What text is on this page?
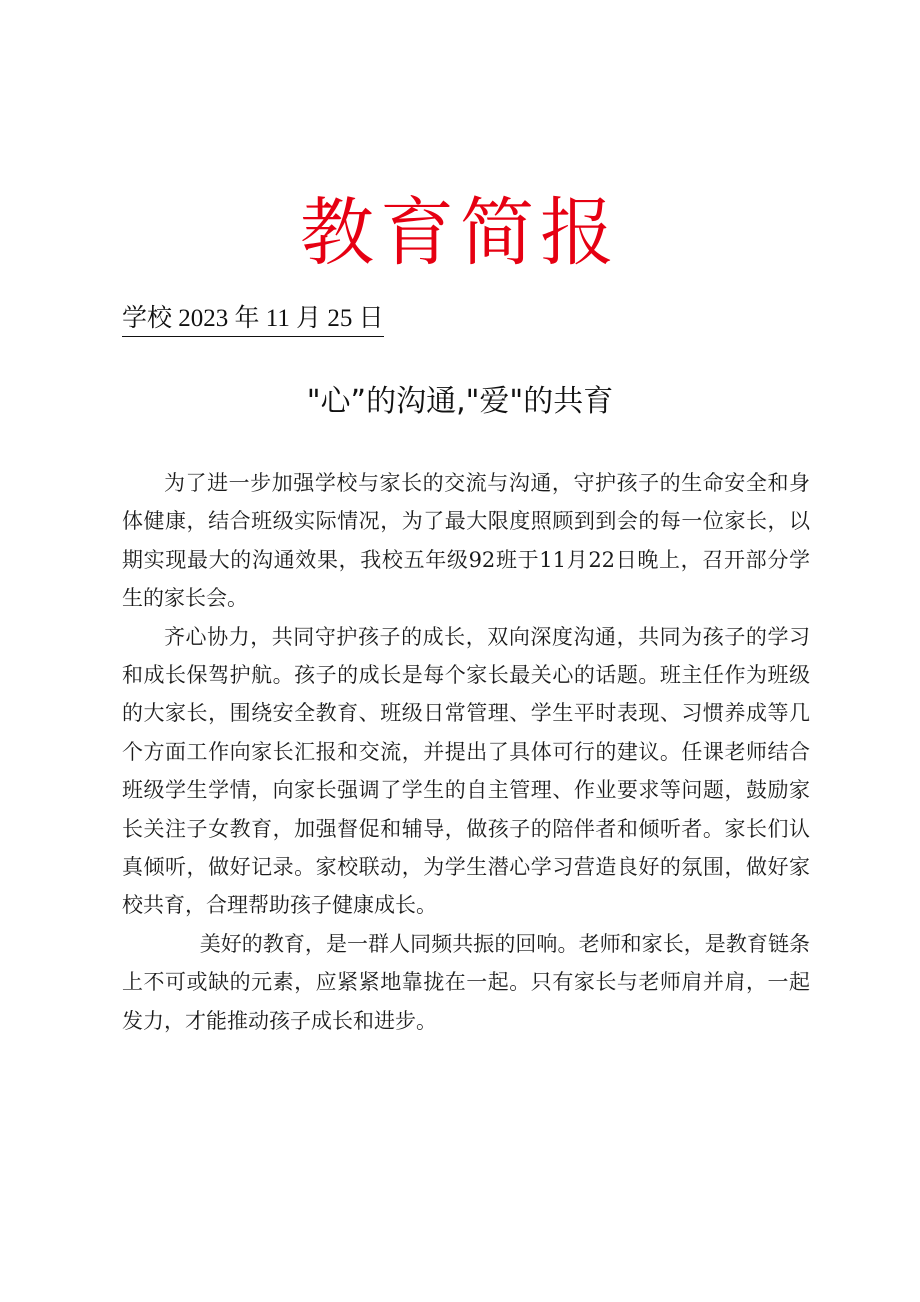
教育简报
学校 2023 年 11 月 25 日
"心”的沟通,"爱"的共育

为了进一步加强学校与家长的交流与沟通，守护孩子的生命安全和身体健康，结合班级实际情况，为了最大限度照顾到到会的每一位家长，以期实现最大的沟通效果，我校五年级92班于11月22日晚上，召开部分学生的家长会。

齐心协力，共同守护孩子的成长，双向深度沟通，共同为孩子的学习和成长保驾护航。孩子的成长是每个家长最关心的话题。班主任作为班级的大家长，围绕安全教育、班级日常管理、学生平时表现、习惯养成等几个方面工作向家长汇报和交流，并提出了具体可行的建议。任课老师结合班级学生学情，向家长强调了学生的自主管理、作业要求等问题，鼓励家长关注子女教育，加强督促和辅导，做孩子的陪伴者和倾听者。家长们认真倾听，做好记录。家校联动，为学生潜心学习营造良好的氛围，做好家校共育，合理帮助孩子健康成长。

美好的教育，是一群人同频共振的回响。老师和家长，是教育链条上不可或缺的元素，应紧紧地靠拢在一起。只有家长与老师肩并肩，一起发力，才能推动孩子成长和进步。
